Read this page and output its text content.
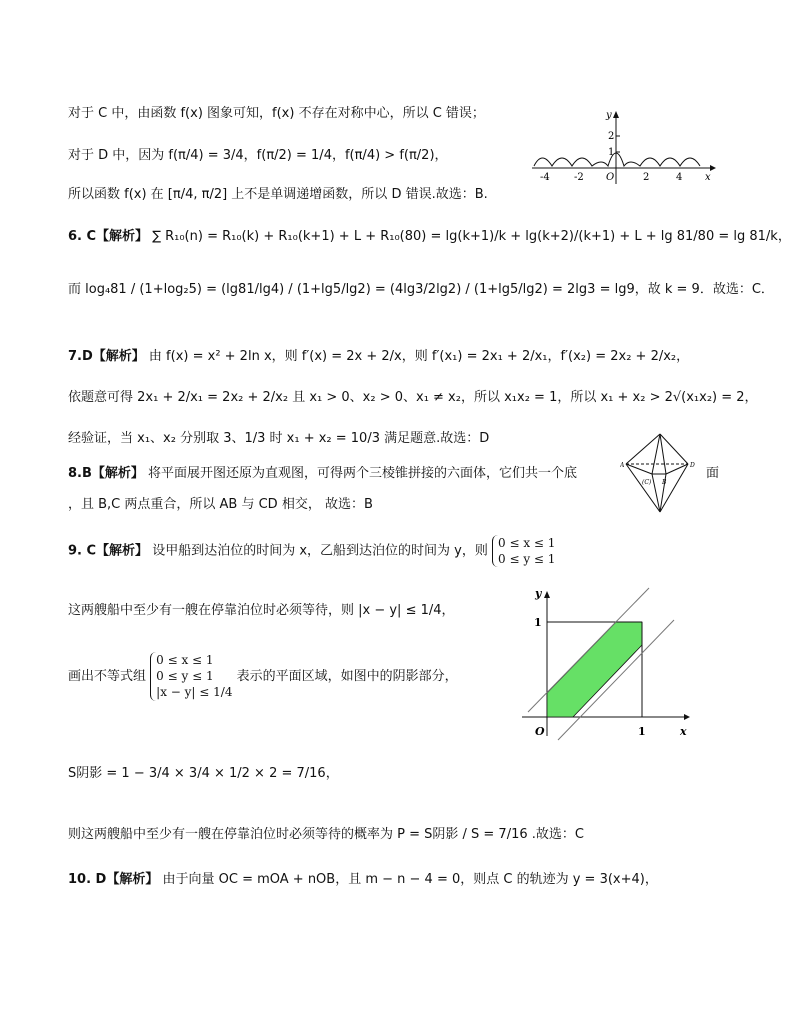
对于 C 中，由函数 f(x) 图象可知，f(x) 不存在对称中心，所以 C 错误；
对于 D 中，因为 f(π/4) = 3/4，f(π/2) = 1/4，f(π/4) > f(π/2)，
所以函数 f(x) 在 [π/4, π/2] 上不是单调递增函数，所以 D 错误.故选：B.
6. C【解析】 ∑ R₁₀(n) = R₁₀(k) + R₁₀(k+1) + L + R₁₀(80) = lg(k+1)/k + lg(k+2)/(k+1) + L + lg 81/80 = lg 81/k，
而 log₄81 / (1+log₂5) = (lg81/lg4) / (1+lg5/lg2) = (4lg3/2lg2) / (1+lg5/lg2) = 2lg3 = lg9，故 k = 9．故选：C．
7.D【解析】 由 f(x) = x² + 2ln x，则 f′(x) = 2x + 2/x，则 f′(x₁) = 2x₁ + 2/x₁，f′(x₂) = 2x₂ + 2/x₂，
依题意可得 2x₁ + 2/x₁ = 2x₂ + 2/x₂ 且 x₁ > 0、x₂ > 0、x₁ ≠ x₂，所以 x₁x₂ = 1，所以 x₁ + x₂ > 2√(x₁x₂) = 2，
经验证，当 x₁、x₂ 分别取 3、1/3 时 x₁ + x₂ = 10/3 满足题意.故选：D
8.B【解析】 将平面展开图还原为直观图，可得两个三棱锥拼接的六面体，它们共一个底	面
，且 B,C 两点重合，所以 AB 与 CD 相交， 故选：B
9. C【解析】 设甲船到达泊位的时间为 x，乙船到达泊位的时间为 y，则
0 ≤ x ≤ 1
0 ≤ y ≤ 1
这两艘船中至少有一艘在停靠泊位时必须等待，则 |x − y| ≤ 1/4，
画出不等式组
0 ≤ x ≤ 1
0 ≤ y ≤ 1
|x − y| ≤ 1/4
表示的平面区域，如图中的阴影部分，
S阴影 = 1 − 3/4 × 3/4 × 1/2 × 2 = 7/16，
则这两艘船中至少有一艘在停靠泊位时必须等待的概率为 P = S阴影 / S = 7/16 .故选：C
10. D【解析】 由于向量 OC = mOA + nOB，且 m − n − 4 = 0，则点 C 的轨迹为 y = 3(x+4)，
y
x
O
-4 -2	2	4
1
2
A	D
(C) B
y
x
O	1
1
